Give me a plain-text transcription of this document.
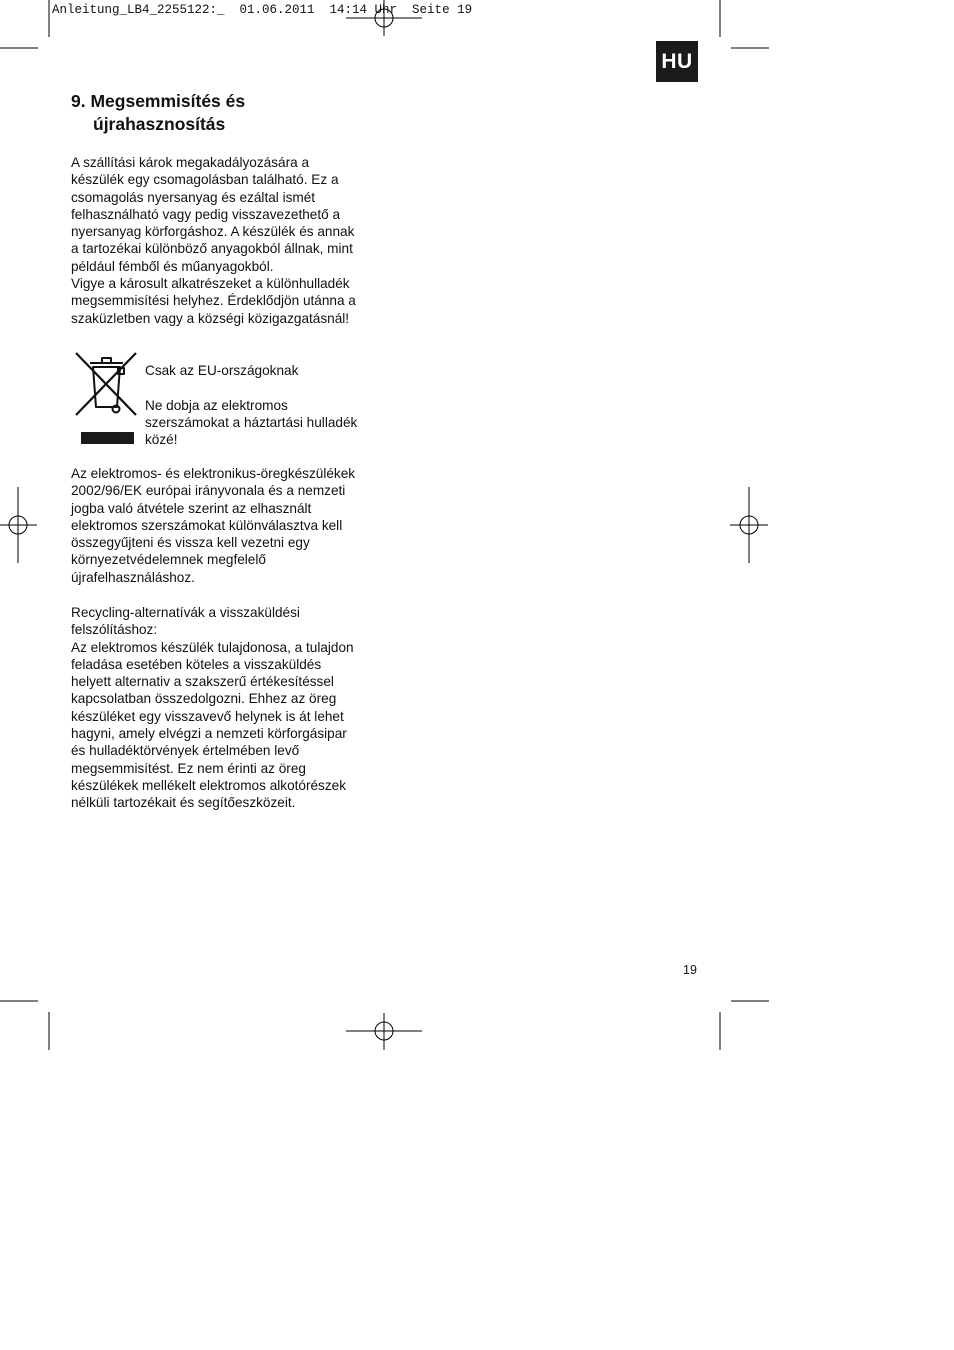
Anleitung_LB4_2255122:_  01.06.2011  14:14 Uhr  Seite 19
HU
9. Megsemmisítés és
újrahasznosítás

A szállítási károk megakadályozására a

készülék egy csomagolásban található. Ez a

csomagolás nyersanyag és ezáltal ismét

felhasználható vagy pedig visszavezethető a

nyersanyag körforgáshoz. A készülék és annak

a tartozékai különböző anyagokból állnak, mint

például fémből és műanyagokból.

Vigye a károsult alkatrészeket a különhulladék

megsemmisítési helyhez. Érdeklődjön utánna a

szaküzletben vagy a községi közigazgatásnál!

Csak az EU-országoknak

Ne dobja az elektromos

szerszámokat a háztartási hulladék

közé!

Az elektromos- és elektronikus-öregkészülékek

2002/96/EK európai irányvonala és a nemzeti

jogba való átvétele szerint az elhasznált

elektromos szerszámokat különválasztva kell

összegyűjteni és vissza kell vezetni egy

környezetvédelemnek megfelelő

újrafelhasználáshoz.

Recycling-alternatívák a visszaküldési

felszólításhoz:

Az elektromos készülék tulajdonosa, a tulajdon

feladása esetében köteles a visszaküldés

helyett alternativ a szakszerű értékesítéssel

kapcsolatban összedolgozni. Ehhez az öreg

készüléket egy visszavevő helynek is át lehet

hagyni, amely elvégzi a nemzeti körforgásipar

és hulladéktörvények értelmében levő

megsemmisítést. Ez nem érinti az öreg

készülékek mellékelt elektromos alkotórészek

nélküli tartozékait és segítőeszközeit.

19
